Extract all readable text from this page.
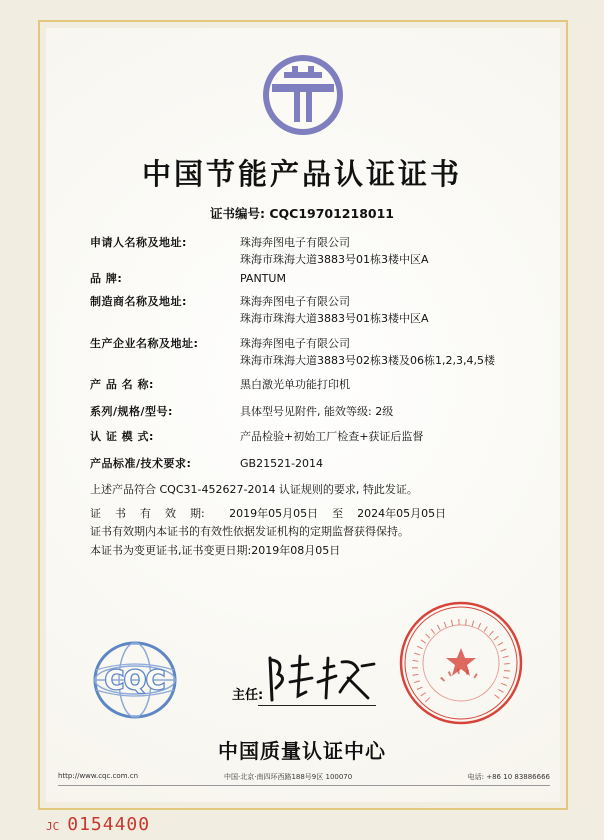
中国节能产品认证证书
证书编号: CQC19701218011
申请人名称及地址:	珠海奔图电子有限公司
珠海市珠海大道3883号01栋3楼中区A
品 牌:	PANTUM
制造商名称及地址:	珠海奔图电子有限公司
珠海市珠海大道3883号01栋3楼中区A
生产企业名称及地址:	珠海奔图电子有限公司
珠海市珠海大道3883号02栋3楼及06栋1,2,3,4,5楼
产 品 名 称:	黑白激光单功能打印机
系列/规格/型号:	具体型号见附件, 能效等级: 2级
认 证 模 式:	产品检验+初始工厂检查+获证后监督
产品标准/技术要求:	GB21521-2014
上述产品符合 CQC31-452627-2014 认证规则的要求, 特此发证。
证    书    有    效    期:       2019年05月05日    至    2024年05月05日
证书有效期内本证书的有效性依据发证机构的定期监督获得保持。
本证书为变更证书,证书变更日期:2019年08月05日
CQC	主任:
中国质量认证中心
http://www.cqc.com.cn	中国·北京·南四环西路188号9区 100070	电话: +86 10 83886666
JC 0154400
